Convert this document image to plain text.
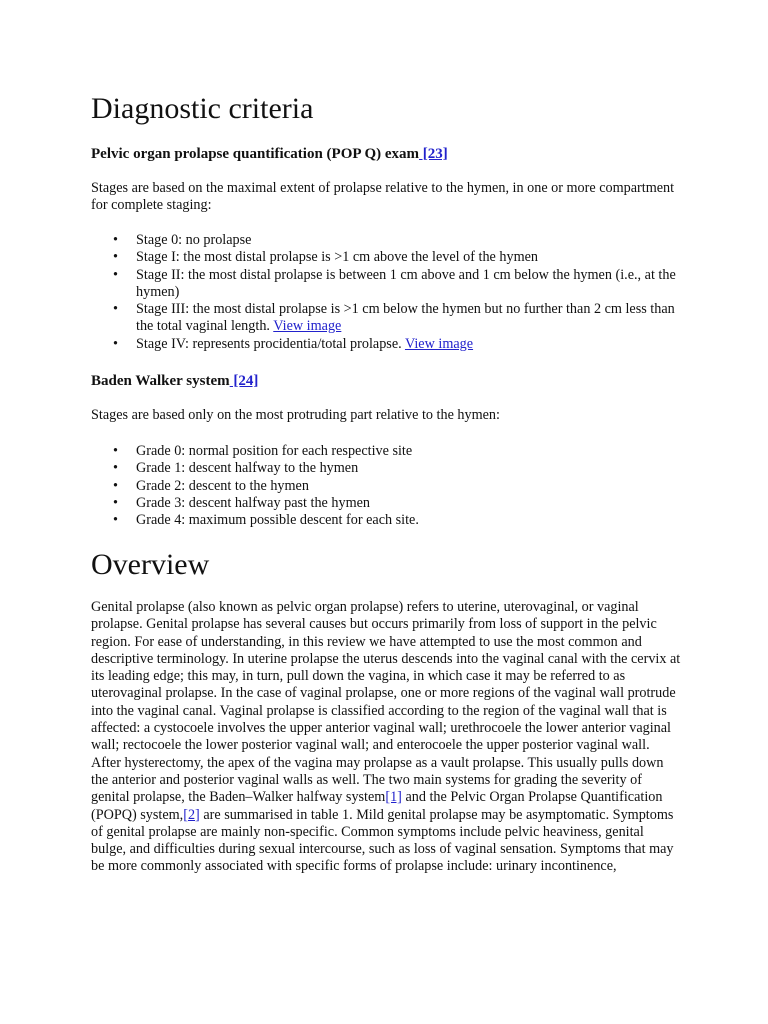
Diagnostic criteria
Pelvic organ prolapse quantification (POP Q) exam [23]

Stages are based on the maximal extent of prolapse relative to the hymen, in one or more compartment for complete staging:

• Stage 0: no prolapse
• Stage I: the most distal prolapse is >1 cm above the level of the hymen
• Stage II: the most distal prolapse is between 1 cm above and 1 cm below the hymen (i.e., at the hymen)
• Stage III: the most distal prolapse is >1 cm below the hymen but no further than 2 cm less than the total vaginal length. View image
• Stage IV: represents procidentia/total prolapse. View image
Baden Walker system [24]

Stages are based only on the most protruding part relative to the hymen:

• Grade 0: normal position for each respective site
• Grade 1: descent halfway to the hymen
• Grade 2: descent to the hymen
• Grade 3: descent halfway past the hymen
• Grade 4: maximum possible descent for each site.
Overview

Genital prolapse (also known as pelvic organ prolapse) refers to uterine, uterovaginal, or vaginal prolapse. Genital prolapse has several causes but occurs primarily from loss of support in the pelvic region. For ease of understanding, in this review we have attempted to use the most common and descriptive terminology. In uterine prolapse the uterus descends into the vaginal canal with the cervix at its leading edge; this may, in turn, pull down the vagina, in which case it may be referred to as uterovaginal prolapse. In the case of vaginal prolapse, one or more regions of the vaginal wall protrude into the vaginal canal. Vaginal prolapse is classified according to the region of the vaginal wall that is affected: a cystocoele involves the upper anterior vaginal wall; urethrocoele the lower anterior vaginal wall; rectocoele the lower posterior vaginal wall; and enterocoele the upper posterior vaginal wall. After hysterectomy, the apex of the vagina may prolapse as a vault prolapse. This usually pulls down the anterior and posterior vaginal walls as well. The two main systems for grading the severity of genital prolapse, the Baden–Walker halfway system[1] and the Pelvic Organ Prolapse Quantification (POPQ) system,[2] are summarised in table 1. Mild genital prolapse may be asymptomatic. Symptoms of genital prolapse are mainly non-specific. Common symptoms include pelvic heaviness, genital bulge, and difficulties during sexual intercourse, such as loss of vaginal sensation. Symptoms that may be more commonly associated with specific forms of prolapse include: urinary incontinence,
